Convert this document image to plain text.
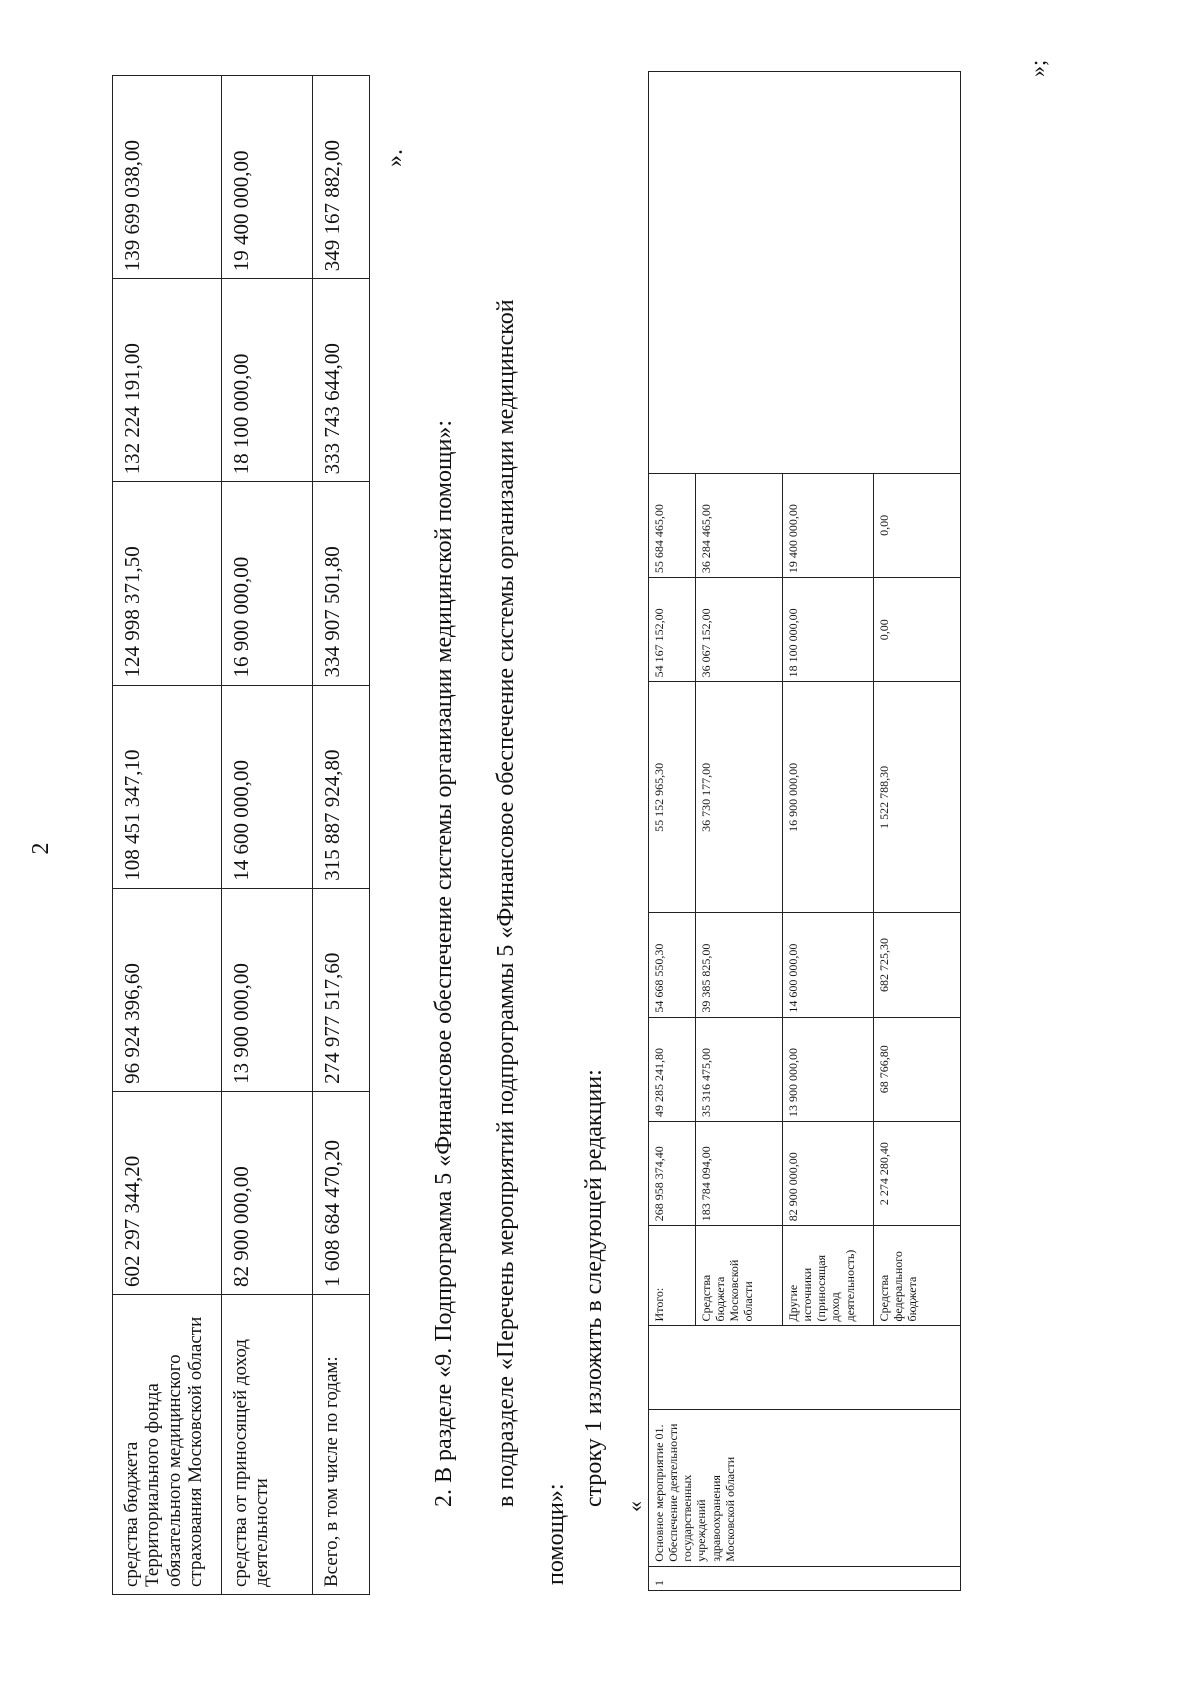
2
средства бюджета Территориального фонда обязательного медицинского страхования Московской области	602 297 344,20	96 924 396,60	108 451 347,10	124 998 371,50	132 224 191,00	139 699 038,00
средства от приносящей доход деятельности	82 900 000,00	13 900 000,00	14 600 000,00	16 900 000,00	18 100 000,00	19 400 000,00
Всего, в том числе по годам:	1 608 684 470,20	274 977 517,60	315 887 924,80	334 907 501,80	333 743 644,00	349 167 882,00 ».
2. В разделе «9. Подпрограмма 5 «Финансовое обеспечение системы организации медицинской помощи»: в подразделе «Перечень мероприятий подпрограммы 5 «Финансовое обеспечение системы организации медицинской
помощи»:
строку 1 изложить в следующей редакции: «
1	Основное мероприятие 01. Обеспечение деятельности государственных учреждений здравоохранения Московской области		Итого:	268 958 374,40	49 285 241,80	54 668 550,30	55 152 965,30	54 167 152,00	55 684 465,00	
			Средства бюджета Московской области	183 784 094,00	35 316 475,00	39 385 825,00	36 730 177,00	36 067 152,00	36 284 465,00	
			Другие источники (приносящая доход деятельность)	82 900 000,00	13 900 000,00	14 600 000,00	16 900 000,00	18 100 000,00	19 400 000,00	
			Средства федерального бюджета	2 274 280,40	68 766,80	682 725,30	1 522 788,30	0,00	0,00	
»;
